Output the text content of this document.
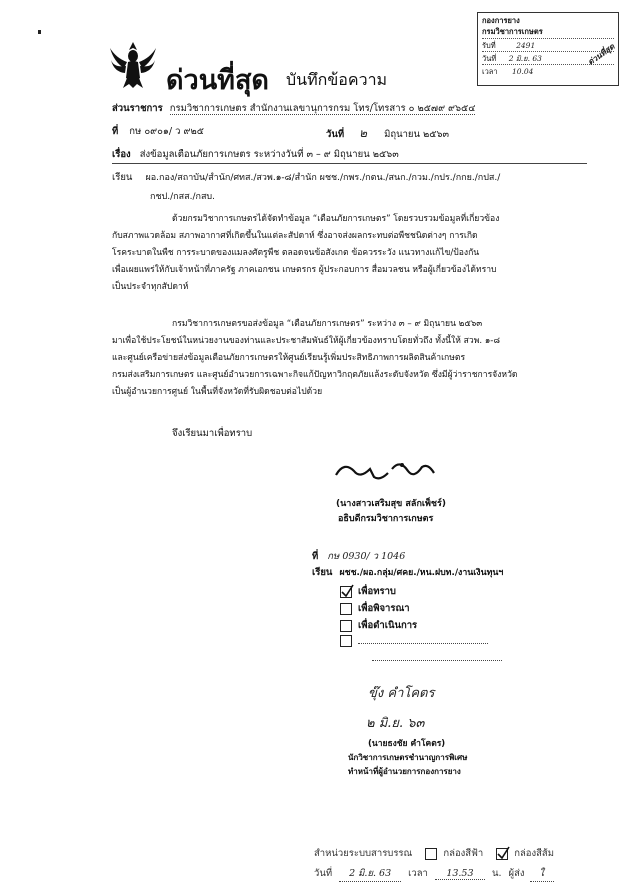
กองการยาง
กรมวิชาการเกษตร
รับที่	2491
วันที่ 2 มิ.ย. 63
เวลา 10.04
ด่วนที่สุด
ด่วนที่สุด บันทึกข้อความ
ส่วนราชการ กรมวิชาการเกษตร สำนักงานเลขานุการกรม โทร/โทรสาร ๐ ๒๕๗๙ ๙๖๕๔
ที่ กษ ๐๙๐๑/ ว ๙๒๕	วันที่ ๒ มิถุนายน ๒๕๖๓
เรื่อง ส่งข้อมูลเตือนภัยการเกษตร ระหว่างวันที่ ๓ – ๙ มิถุนายน ๒๕๖๓
เรียน ผอ.กอง/สถาบัน/สำนัก/ศทส./สวพ.๑-๘/สำนัก ผชช./กพร./กตน./สนก./กวม./กปร./กกย./กปส./
กชป./กสส./กสบ.
ด้วยกรมวิชาการเกษตรได้จัดทำข้อมูล “เตือนภัยการเกษตร” โดยรวบรวมข้อมูลที่เกี่ยวข้อง
กับสภาพแวดล้อม สภาพอากาศที่เกิดขึ้นในแต่ละสัปดาห์ ซึ่งอาจส่งผลกระทบต่อพืชชนิดต่างๆ การเกิด
โรคระบาดในพืช การระบาดของแมลงศัตรูพืช ตลอดจนข้อสังเกต ข้อควรระวัง แนวทางแก้ไข/ป้องกัน
เพื่อเผยแพร่ให้กับเจ้าหน้าที่ภาครัฐ ภาคเอกชน เกษตรกร ผู้ประกอบการ สื่อมวลชน หรือผู้เกี่ยวข้องได้ทราบ
เป็นประจำทุกสัปดาห์
กรมวิชาการเกษตรขอส่งข้อมูล “เตือนภัยการเกษตร” ระหว่าง ๓ – ๙ มิถุนายน ๒๕๖๓
มาเพื่อใช้ประโยชน์ในหน่วยงานของท่านและประชาสัมพันธ์ให้ผู้เกี่ยวข้องทราบโดยทั่วถึง ทั้งนี้ให้ สวพ. ๑-๘
และศูนย์เครือข่ายส่งข้อมูลเตือนภัยการเกษตรให้ศูนย์เรียนรู้เพิ่มประสิทธิภาพการผลิตสินค้าเกษตร
กรมส่งเสริมการเกษตร และศูนย์อำนวยการเฉพาะกิจแก้ปัญหาวิกฤตภัยแล้งระดับจังหวัด ซึ่งมีผู้ว่าราชการจังหวัด
เป็นผู้อำนวยการศูนย์ ในพื้นที่จังหวัดที่รับผิดชอบต่อไปด้วย
จึงเรียนมาเพื่อทราบ
(นางสาวเสริมสุข สลักเพ็ชร์)
อธิบดีกรมวิชาการเกษตร
ที่ กษ 0930/ ว 1046
เรียน ผชช./ผอ.กลุ่ม/ศคย./หน.ฝบท./งานเงินทุนฯ
เพื่อทราบ
เพื่อพิจารณา
เพื่อดำเนินการ
ขุ๊ง คำโคตร
๒ มิ.ย. ๖๓
(นายธงชัย คำโคตร)
นักวิชาการเกษตรชำนาญการพิเศษ
ทำหน้าที่ผู้อำนวยการกองการยาง
สำหน่วยระบบสารบรรณ	กล่องสีฟ้า	กล่องสีส้ม
วันที่ 2 มิ.ย. 63 เวลา 13.53 น. ผู้ส่ง ใ
